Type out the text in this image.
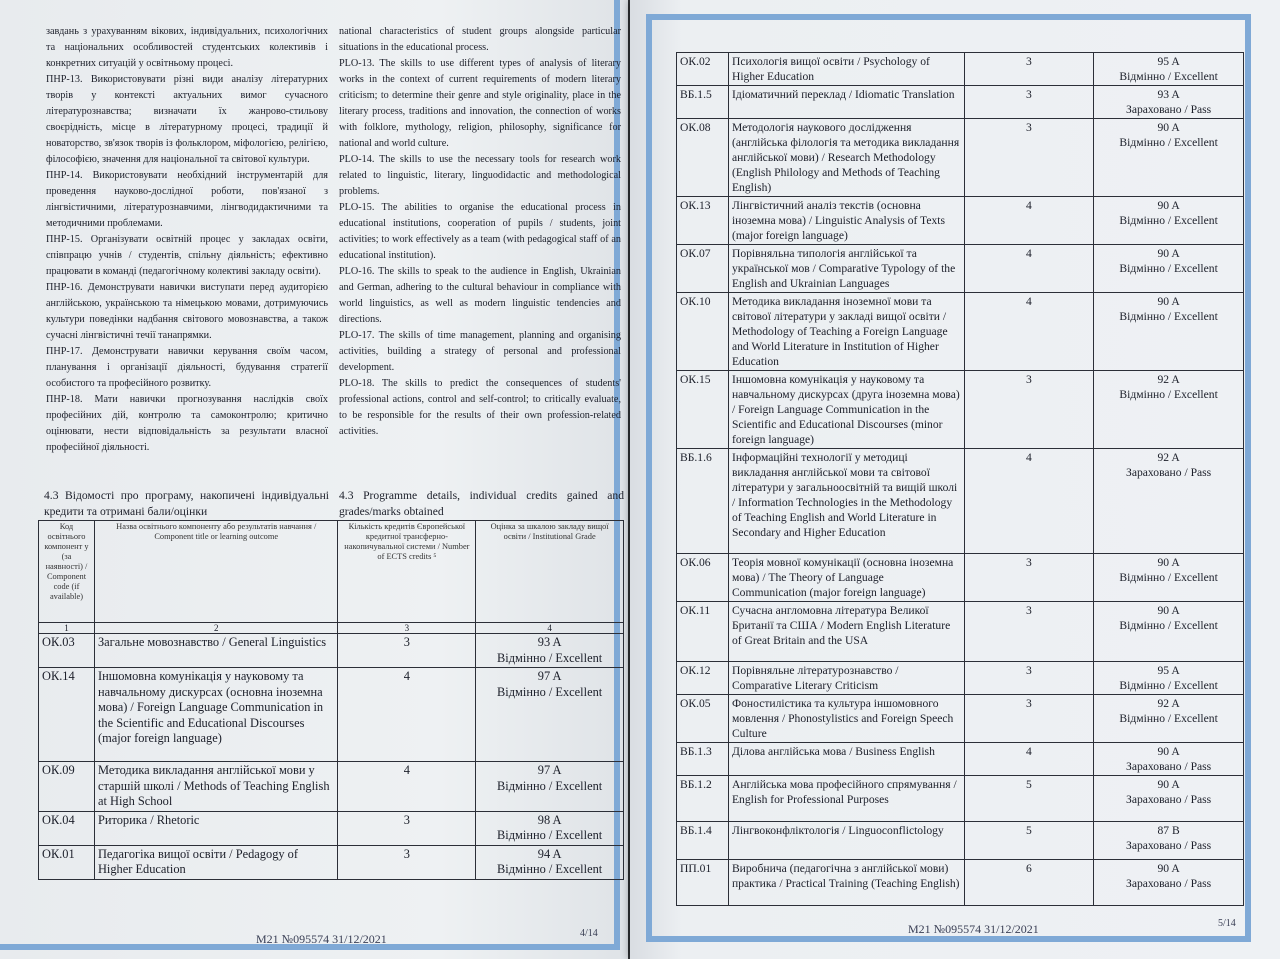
завдань з урахуванням вікових, індивідуальних, психологічних та національних особливостей студентських колективів і конкретних ситуацій у освітньому процесі.

ПНР-13. Використовувати різні види аналізу літературних творів у контексті актуальних вимог сучасного літературознавства; визначати їх жанрово-стильову своєрідність, місце в літературному процесі, традиції й новаторство, зв'язок творів із фольклором, міфологією, релігією, філософією, значення для національної та світової культури.

ПНР-14. Використовувати необхідний інструментарій для проведення науково-дослідної роботи, пов'язаної з лінгвістичними, літературознавчими, лінгводидактичними та методичними проблемами.

ПНР-15. Організувати освітній процес у закладах освіти, співпрацю учнів / студентів, спільну діяльність; ефективно працювати в команді (педагогічному колективі закладу освіти).

ПНР-16. Демонструвати навички виступати перед аудиторією англійською, українською та німецькою мовами, дотримуючись культури поведінки надбання світового мовознавства, а також сучасні лінгвістичні течії танапрямки.

ПНР-17. Демонструвати навички керування своїм часом, планування і організації діяльності, будування стратегії особистого та професійного розвитку.

ПНР-18. Мати навички прогнозування наслідків своїх професійних дій, контролю та самоконтролю; критично оцінювати, нести відповідальність за результати власної професійної діяльності.

national characteristics of student groups alongside particular situations in the educational process.

PLO-13. The skills to use different types of analysis of literary works in the context of current requirements of modern literary criticism; to determine their genre and style originality, place in the literary process, traditions and innovation, the connection of works with folklore, mythology, religion, philosophy, significance for national and world culture.

PLO-14. The skills to use the necessary tools for research work related to linguistic, literary, linguodidactic and methodological problems.

PLO-15. The abilities to organise the educational process in educational institutions, cooperation of pupils / students, joint activities; to work effectively as a team (with pedagogical staff of an educational institution).

PLO-16. The skills to speak to the audience in English, Ukrainian and German, adhering to the cultural behaviour in compliance with world linguistics, as well as modern linguistic tendencies and directions.

PLO-17. The skills of time management, planning and organising activities, building a strategy of personal and professional development.

PLO-18. The skills to predict the consequences of students' professional actions, control and self-control; to critically evaluate, to be responsible for the results of their own profession-related activities.

4.3 Відомості про програму, накопичені індивідуальні кредити та отримані бали/оцінки
4.3 Programme details, individual credits gained and grades/marks obtained
Код освітнього компонент у (за наявності) / Component code (if available)	Назва освітнього компоненту або результатів навчання / Component title or learning outcome	Кількість кредитів Європейської кредитної трансферно-накопичувальної системи / Number of ECTS credits ⁵	Оцінка за шкалою закладу вищої освіти / Institutional Grade
1	2	3	4
ОК.03	Загальне мовознавство / General Linguistics	3	93 A
Відмінно / Excellent

ОК.14	Іншомовна комунікація у науковому та навчальному дискурсах (основна іноземна мова) / Foreign Language Communication in the Scientific and Educational Discourses (major foreign language)	4	97 A
Відмінно / Excellent

ОК.09	Методика викладання англійської мови у старшій школі / Methods of Teaching English at High School	4	97 A
Відмінно / Excellent

ОК.04	Риторика / Rhetoric	3	98 A
Відмінно / Excellent

ОК.01	Педагогіка вищої освіти / Pedagogy of Higher Education	3	94 A
Відмінно / Excellent
М21 №095574 31/12/2021	4/14
ОК.02	Психологія вищої освіти / Psychology of Higher Education	3	95 A
Відмінно / Excellent

ВБ.1.5	Ідіоматичний переклад / Idiomatic Translation	3	93 A
Зараховано / Pass

ОК.08	Методологія наукового дослідження (англійська філологія та методика викладання англійської мови) / Research Methodology (English Philology and Methods of Teaching English)	3	90 A
Відмінно / Excellent

ОК.13	Лінгвістичний аналіз текстів (основна іноземна мова) / Linguistic Analysis of Texts (major foreign language)	4	90 A
Відмінно / Excellent

ОК.07	Порівняльна типологія англійської та української мов / Comparative Typology of the English and Ukrainian Languages	4	90 A
Відмінно / Excellent

ОК.10	Методика викладання іноземної мови та світової літератури у закладі вищої освіти / Methodology of Teaching a Foreign Language and World Literature in Institution of Higher Education	4	90 A
Відмінно / Excellent

ОК.15	Іншомовна комунікація у науковому та навчальному дискурсах (друга іноземна мова) / Foreign Language Communication in the Scientific and Educational Discourses (minor foreign language)	3	92 A
Відмінно / Excellent

ВБ.1.6	Інформаційні технології у методиці викладання англійської мови та світової літератури у загальноосвітній та вищій школі / Information Technologies in the Methodology of Teaching English and World Literature in Secondary and Higher Education	4	92 A
Зараховано / Pass

ОК.06	Теорія мовної комунікації (основна іноземна мова) / The Theory of Language Communication (major foreign language)	3	90 A
Відмінно / Excellent

ОК.11	Сучасна англомовна література Великої Британії та США / Modern English Literature of Great Britain and the USA	3	90 A
Відмінно / Excellent

ОК.12	Порівняльне літературознавство / Comparative Literary Criticism	3	95 A
Відмінно / Excellent

ОК.05	Фоностилістика та культура іншомовного мовлення / Phonostylistics and Foreign Speech Culture	3	92 A
Відмінно / Excellent

ВБ.1.3	Ділова англійська мова / Business English	4	90 A
Зараховано / Pass

ВБ.1.2	Англійська мова професійного спрямування / English for Professional Purposes	5	90 A
Зараховано / Pass

ВБ.1.4	Лінгвоконфліктологія / Linguoconflictology	5	87 B
Зараховано / Pass

ПП.01	Виробнича (педагогічна з англійської мови) практика / Practical Training (Teaching English)	6	90 A
Зараховано / Pass
М21 №095574 31/12/2021	5/14
